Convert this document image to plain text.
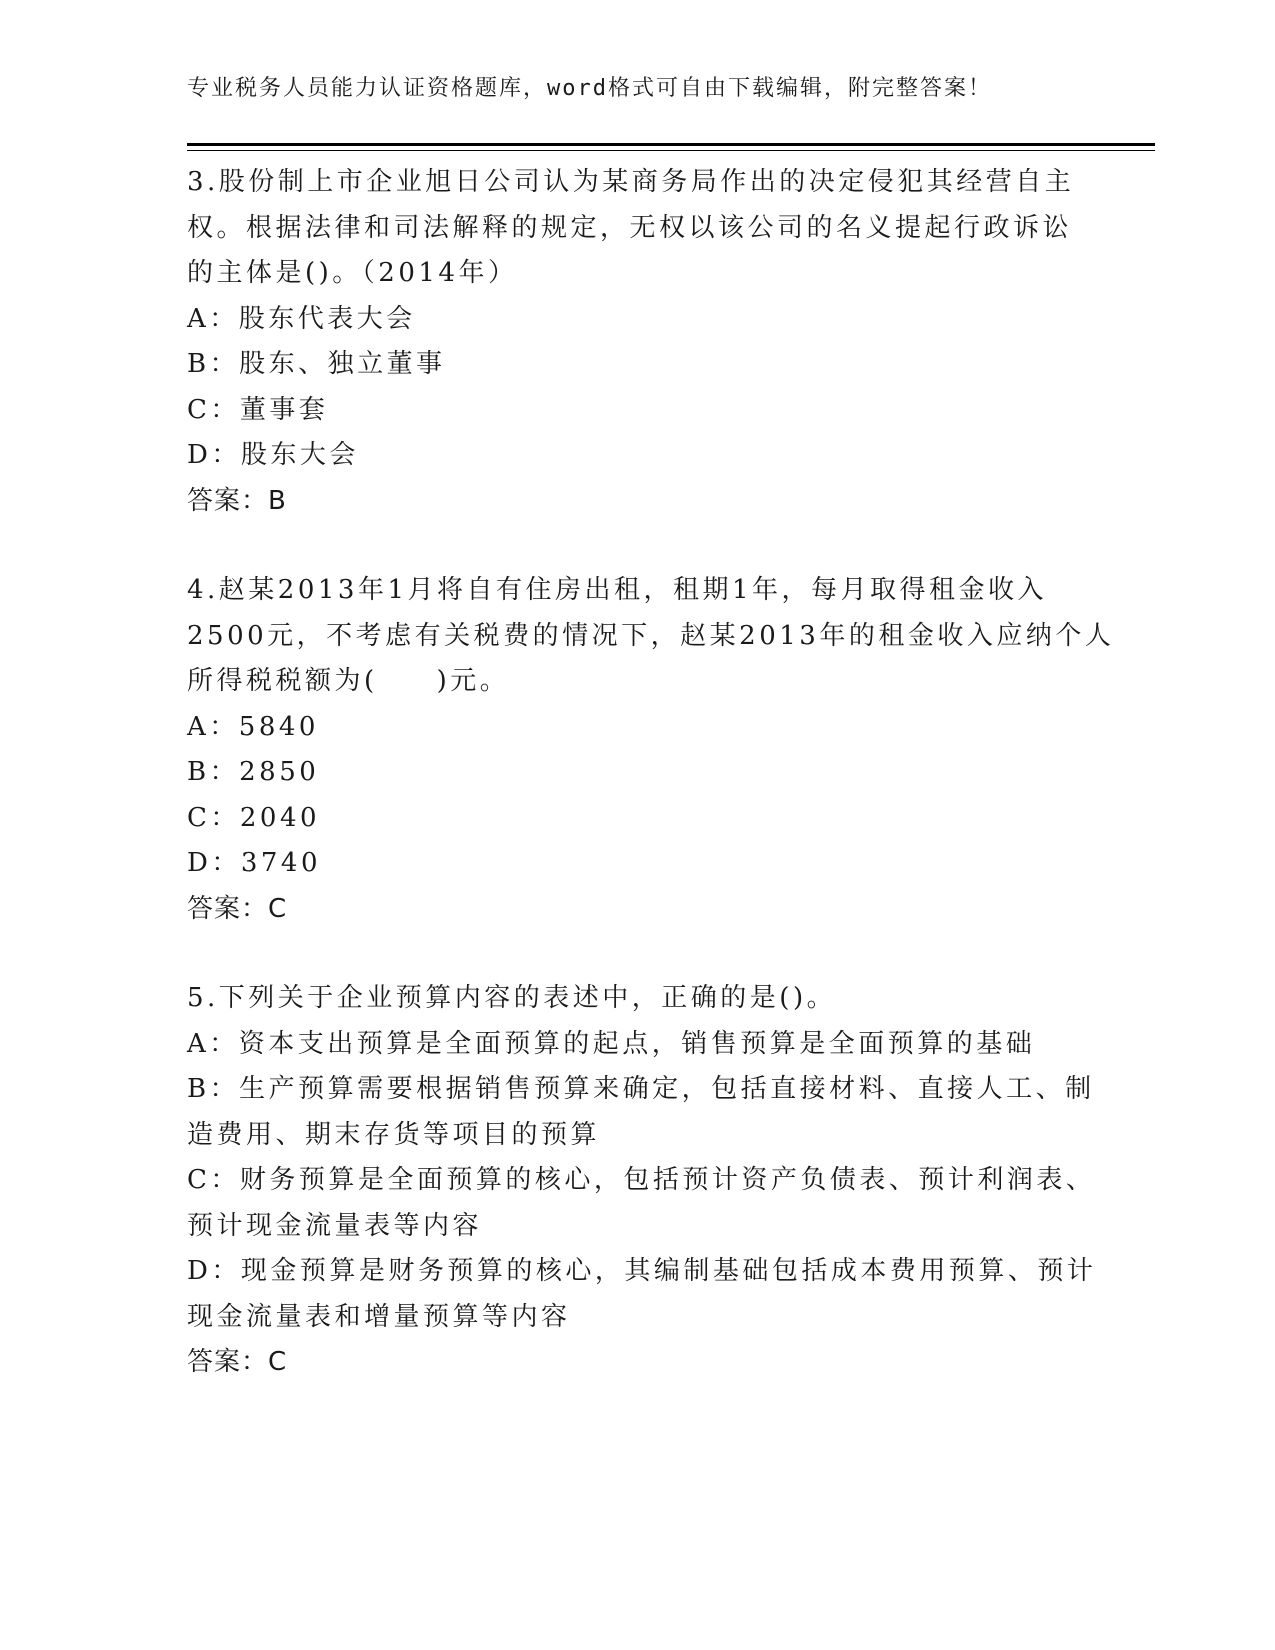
专业税务人员能力认证资格题库，word格式可自由下载编辑，附完整答案！
3.股份制上市企业旭日公司认为某商务局作出的决定侵犯其经营自主
权。根据法律和司法解释的规定，无权以该公司的名义提起行政诉讼
的主体是()。（2014年）
A：股东代表大会
B：股东、独立董事
C：董事套
D：股东大会
答案：B
4.赵某2013年1月将自有住房出租，租期1年，每月取得租金收入
2500元，不考虑有关税费的情况下，赵某2013年的租金收入应纳个人
所得税税额为(　　)元。
A：5840
B：2850
C：2040
D：3740
答案：C
5.下列关于企业预算内容的表述中，正确的是()。
A：资本支出预算是全面预算的起点，销售预算是全面预算的基础
B：生产预算需要根据销售预算来确定，包括直接材料、直接人工、制
造费用、期末存货等项目的预算
C：财务预算是全面预算的核心，包括预计资产负债表、预计利润表、
预计现金流量表等内容
D：现金预算是财务预算的核心，其编制基础包括成本费用预算、预计
现金流量表和增量预算等内容
答案：C
